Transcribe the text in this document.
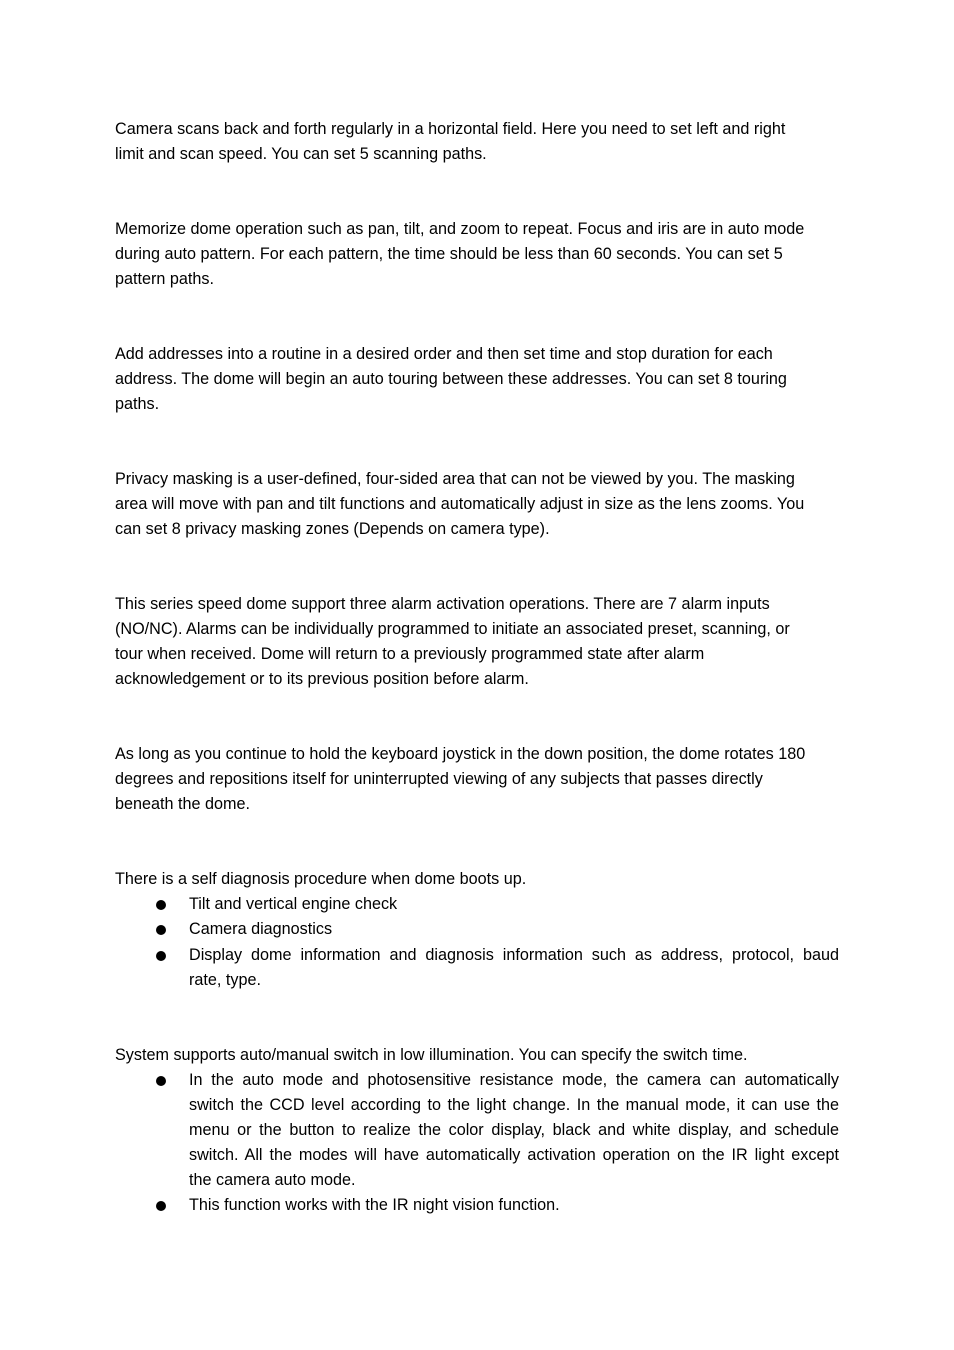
Camera scans back and forth regularly in a horizontal field. Here you need to set left and right
limit and scan speed. You can set 5 scanning paths.

Memorize dome operation such as pan, tilt, and zoom to repeat. Focus and iris are in auto mode
during auto pattern. For each pattern, the time should be less than 60 seconds. You can set 5
pattern paths.

Add addresses into a routine in a desired order and then set time and stop duration for each
address. The dome will begin an auto touring between these addresses. You can set 8 touring
paths.

Privacy masking is a user-defined, four-sided area that can not be viewed by you. The masking
area will move with pan and tilt functions and automatically adjust in size as the lens zooms. You
can set 8 privacy masking zones (Depends on camera type).

This series speed dome support three alarm activation operations. There are 7 alarm inputs
(NO/NC). Alarms can be individually programmed to initiate an associated preset, scanning, or
tour when received. Dome will return to a previously programmed state after alarm
acknowledgement or to its previous position before alarm.

As long as you continue to hold the keyboard joystick in the down position, the dome rotates 180
degrees and repositions itself for uninterrupted viewing of any subjects that passes directly
beneath the dome.

There is a self diagnosis procedure when dome boots up.

Tilt and vertical engine check
Camera diagnostics
Display dome information and diagnosis information such as address, protocol, baud
rate, type.

System supports auto/manual switch in low illumination. You can specify the switch time.

In the auto mode and photosensitive resistance mode, the camera can automatically
switch the CCD level according to the light change. In the manual mode, it can use the
menu or the button to realize the color display, black and white display, and schedule
switch. All the modes will have automatically activation operation on the IR light except
the camera auto mode.
This function works with the IR night vision function.
